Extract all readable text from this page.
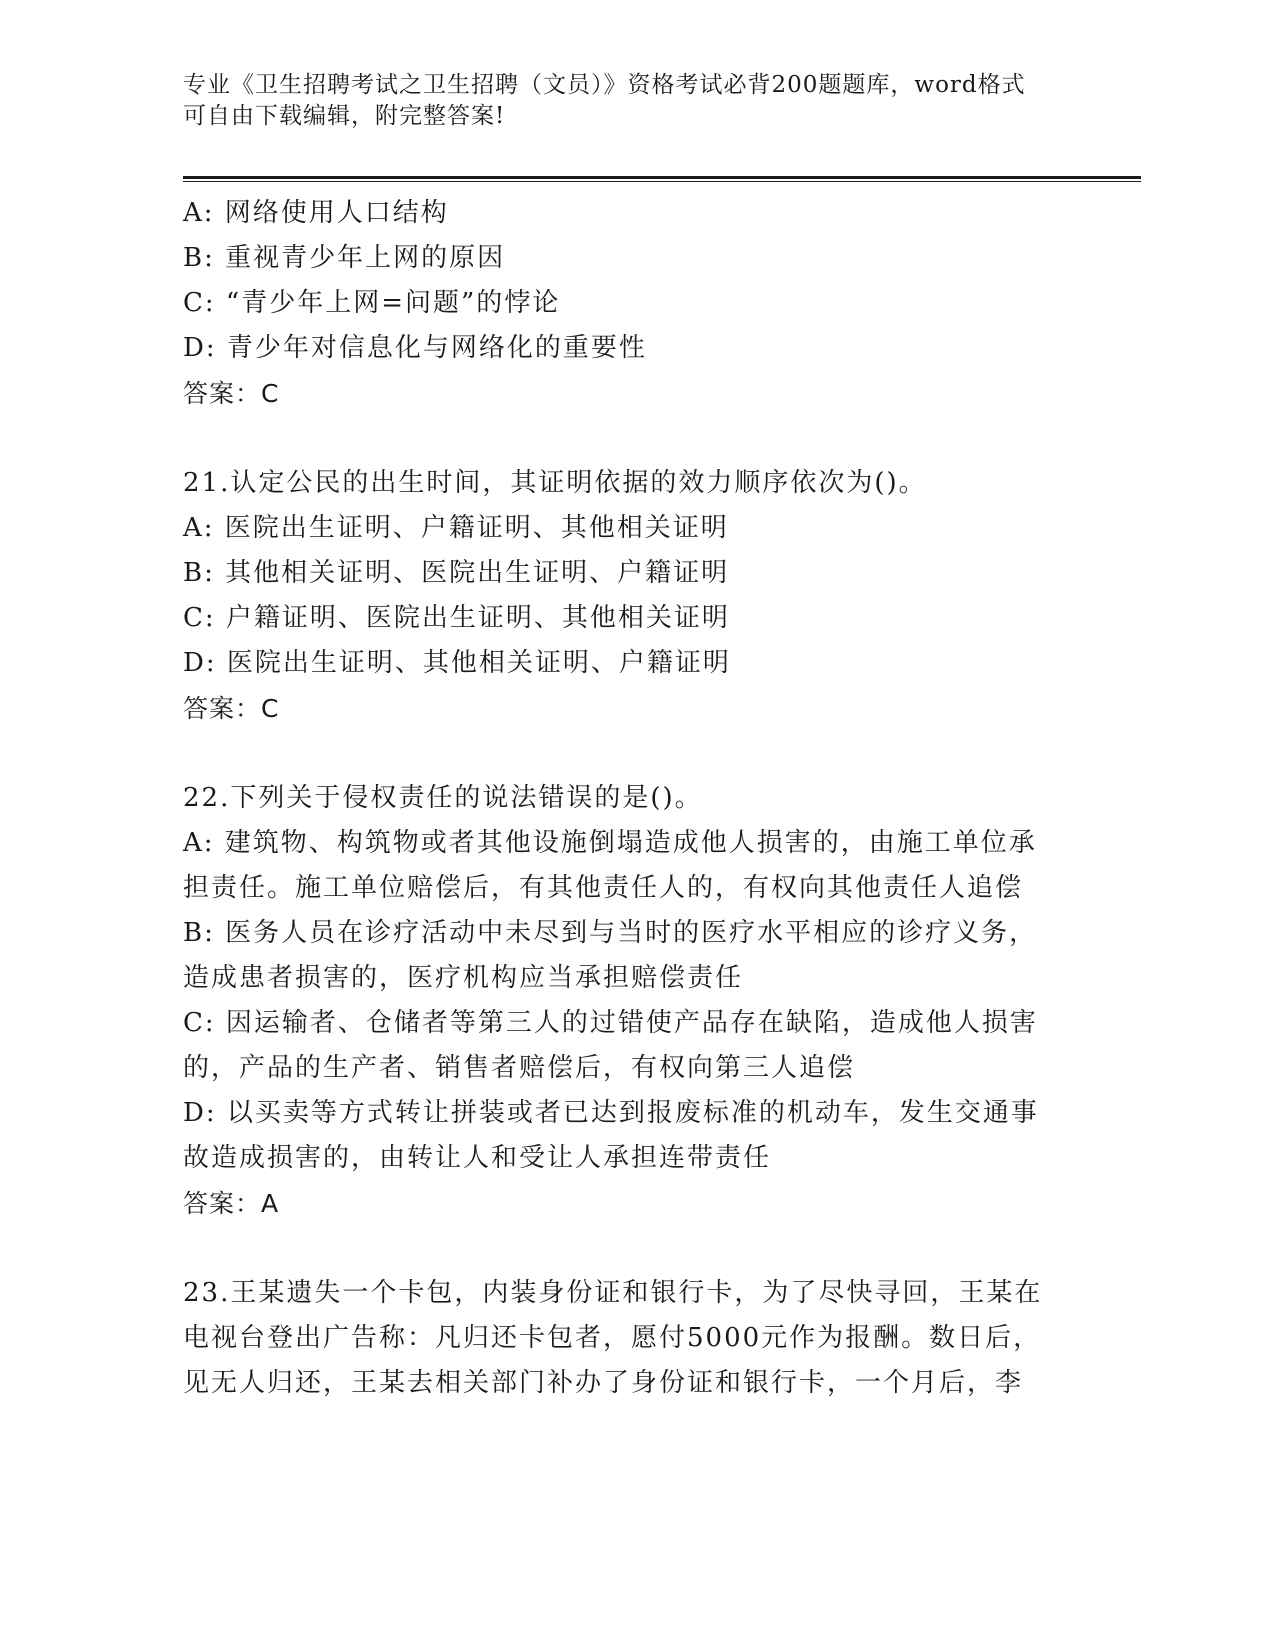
专业《卫生招聘考试之卫生招聘（文员）》资格考试必背200题题库，word格式
可自由下载编辑，附完整答案!
A: 网络使用人口结构
B: 重视青少年上网的原因
C: “青少年上网=问题”的悖论
D: 青少年对信息化与网络化的重要性
答案：C
21.认定公民的出生时间，其证明依据的效力顺序依次为()。
A: 医院出生证明、户籍证明、其他相关证明
B: 其他相关证明、医院出生证明、户籍证明
C: 户籍证明、医院出生证明、其他相关证明
D: 医院出生证明、其他相关证明、户籍证明
答案：C
22.下列关于侵权责任的说法错误的是()。
A: 建筑物、构筑物或者其他设施倒塌造成他人损害的，由施工单位承
担责任。施工单位赔偿后，有其他责任人的，有权向其他责任人追偿
B: 医务人员在诊疗活动中未尽到与当时的医疗水平相应的诊疗义务，
造成患者损害的，医疗机构应当承担赔偿责任
C: 因运输者、仓储者等第三人的过错使产品存在缺陷，造成他人损害
的，产品的生产者、销售者赔偿后，有权向第三人追偿
D: 以买卖等方式转让拼装或者已达到报废标准的机动车，发生交通事
故造成损害的，由转让人和受让人承担连带责任
答案：A
23.王某遗失一个卡包，内装身份证和银行卡，为了尽快寻回，王某在
电视台登出广告称：凡归还卡包者，愿付5000元作为报酬。数日后，
见无人归还，王某去相关部门补办了身份证和银行卡，一个月后，李
